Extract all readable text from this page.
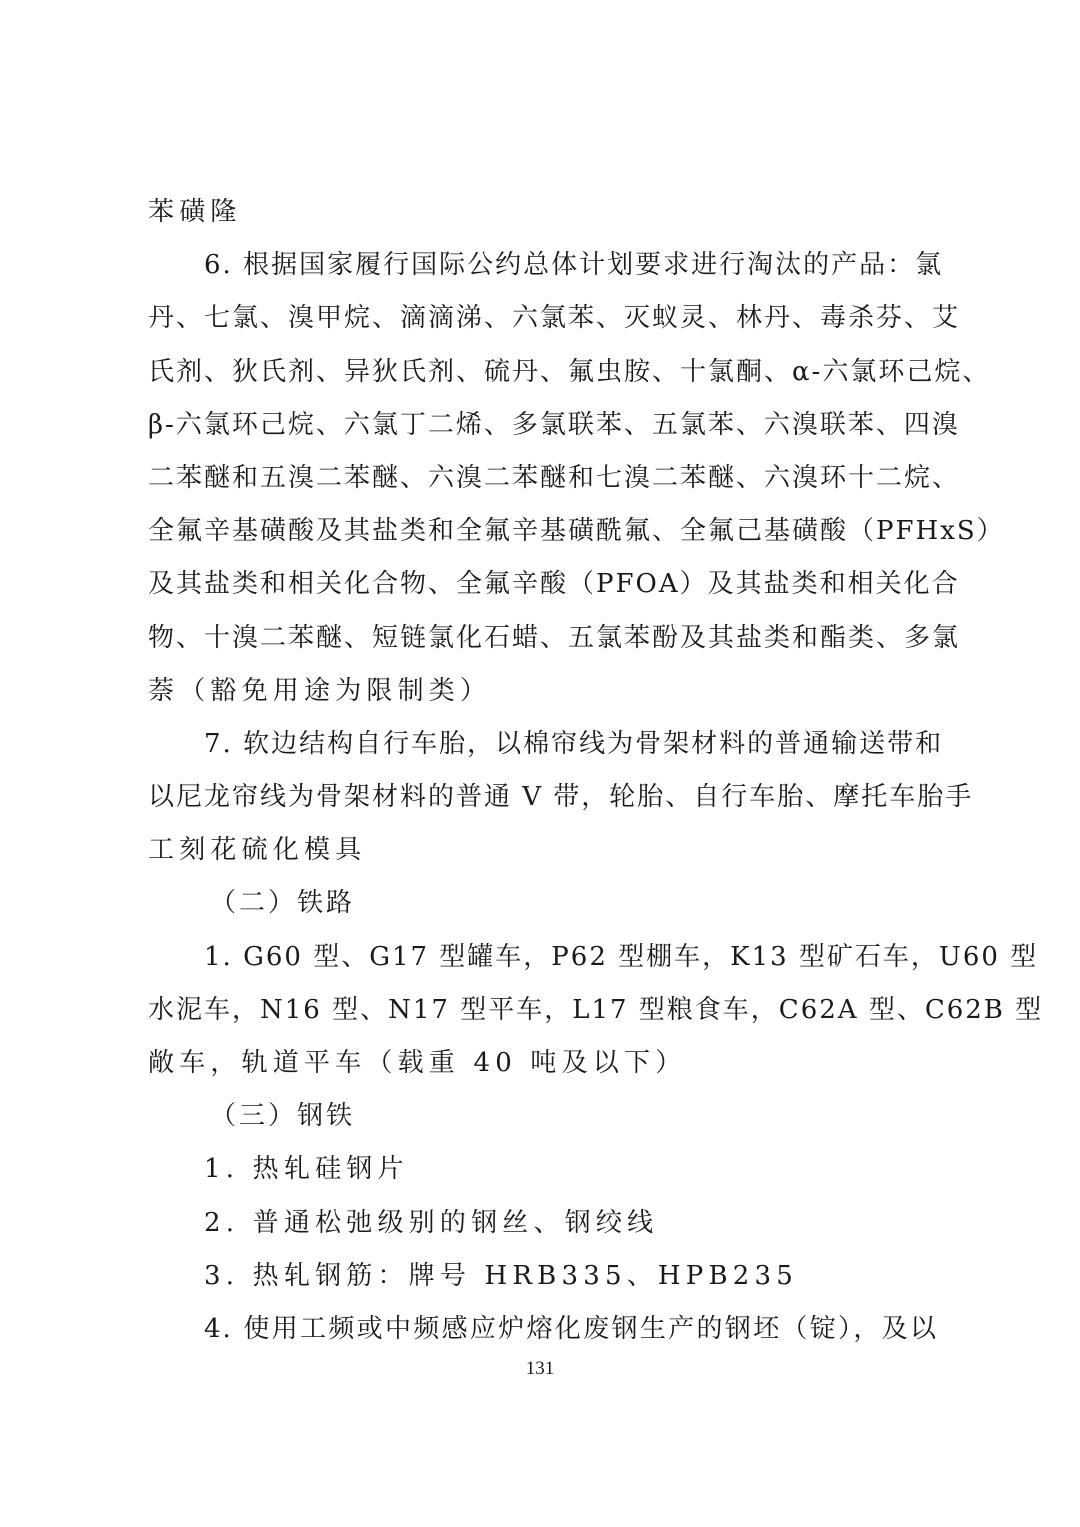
苯磺隆
6. 根据国家履行国际公约总体计划要求进行淘汰的产品：氯
丹、七氯、溴甲烷、滴滴涕、六氯苯、灭蚁灵、林丹、毒杀芬、艾
氏剂、狄氏剂、异狄氏剂、硫丹、氟虫胺、十氯酮、α-六氯环己烷、
β-六氯环己烷、六氯丁二烯、多氯联苯、五氯苯、六溴联苯、四溴
二苯醚和五溴二苯醚、六溴二苯醚和七溴二苯醚、六溴环十二烷、
全氟辛基磺酸及其盐类和全氟辛基磺酰氟、全氟己基磺酸（PFHxS）
及其盐类和相关化合物、全氟辛酸（PFOA）及其盐类和相关化合
物、十溴二苯醚、短链氯化石蜡、五氯苯酚及其盐类和酯类、多氯
萘（豁免用途为限制类）
7. 软边结构自行车胎，以棉帘线为骨架材料的普通输送带和
以尼龙帘线为骨架材料的普通 V 带，轮胎、自行车胎、摩托车胎手
工刻花硫化模具
（二）铁路
1. G60 型、G17 型罐车，P62 型棚车，K13 型矿石车，U60 型
水泥车，N16 型、N17 型平车，L17 型粮食车，C62A 型、C62B 型
敞车，轨道平车（载重 40 吨及以下）
（三）钢铁
1. 热轧硅钢片
2. 普通松弛级别的钢丝、钢绞线
3. 热轧钢筋：牌号 HRB335、HPB235
4. 使用工频或中频感应炉熔化废钢生产的钢坯（锭），及以
131
